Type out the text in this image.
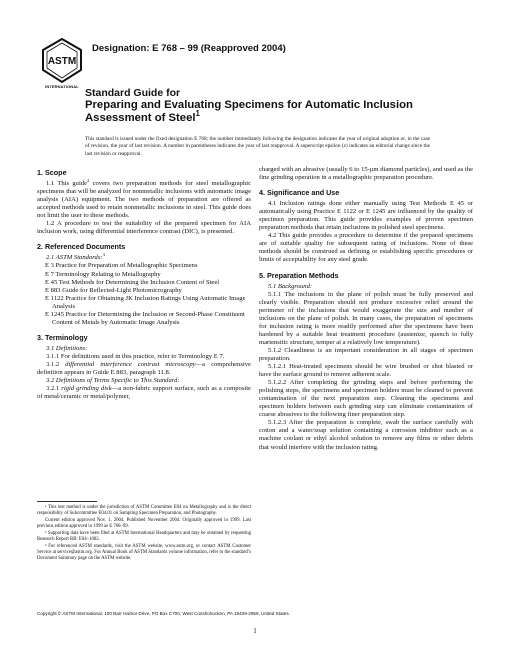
ASTM
INTERNATIONAL
Designation: E 768 – 99 (Reapproved 2004)
Standard Guide for
Preparing and Evaluating Specimens for Automatic Inclusion Assessment of Steel$^1$
This standard is issued under the fixed designation E 768; the number immediately following the designation indicates the year of original adoption or, in the case of revision, the year of last revision. A number in parentheses indicates the year of last reapproval. A superscript epsilon (ε) indicates an editorial change since the last revision or reapproval.
1. Scope

1.1 This guide$^2$ covers two preparation methods for steel metallographic specimens that will be analyzed for nonmetallic inclusions with automatic image analysis (AIA) equipment. The two methods of preparation are offered as accepted methods used to retain nonmetallic inclusions in steel. This guide does not limit the user to these methods.

1.2 A procedure to test the suitability of the prepared specimen for AIA inclusion work, using differential interference contrast (DIC), is presented.

2. Referenced Documents

2.1 ASTM Standards:$^3$

E 3 Practice for Preparation of Metallographic Specimens

E 7 Terminology Relating to Metallography

E 45 Test Methods for Determining the Inclusion Content of Steel

E 883 Guide for Reflected-Light Photomicrography

E 1122 Practice for Obtaining JK Inclusion Ratings Using Automatic Image Analysis

E 1245 Practice for Determining the Inclusion or Second-Phase Constituent Content of Metals by Automatic Image Analysis

3. Terminology

3.1 Definitions:

3.1.1 For definitions used in this practice, refer to Terminology E 7.

3.1.2 differential interference contrast microscopy—a comprehensive definition appears in Guide E 883, paragraph 11.8.

3.2 Definitions of Terms Specific to This Standard:

3.2.1 rigid grinding disk—a non-fabric support surface, such as a composite of metal/ceramic or metal/polymer,

charged with an abrasive (usually 6 to 15-μm diamond particles), and used as the fine grinding operation in a metallographic preparation procedure.

4. Significance and Use

4.1 Inclusion ratings done either manually using Test Methods E 45 or automatically using Practice E 1122 or E 1245 are influenced by the quality of specimen preparation. This guide provides examples of proven specimen preparation methods that retain inclusions in polished steel specimens.

4.2 This guide provides a procedure to determine if the prepared specimens are of suitable quality for subsequent rating of inclusions. None of these methods should be construed as defining or establishing specific procedures or limits of acceptability for any steel grade.

5. Preparation Methods

5.1 Background:

5.1.1 The inclusions in the plane of polish must be fully preserved and clearly visible. Preparation should not produce excessive relief around the perimeter of the inclusions that would exaggerate the size and number of inclusions on the plane of polish. In many cases, the preparation of specimens for inclusion rating is more readily performed after the specimens have been hardened by a suitable heat treatment procedure (austenize, quench to fully martensitic structure, temper at a relatively low temperature).

5.1.2 Cleanliness is an important consideration in all stages of specimen preparation.

5.1.2.1 Heat-treated specimens should be wire brushed or shot blasted or have the surface ground to remove adherent scale.

5.1.2.2 After completing the grinding steps and before performing the polishing steps, the specimens and specimen holders must be cleaned to prevent contamination of the next preparation step. Cleaning the specimens and specimen holders between each grinding step can eliminate contamination of coarse abrasives to the following finer preparation step.

5.1.2.3 After the preparation is complete, swab the surface carefully with cotton and a water/soap solution containing a corrosion inhibitor such as a machine coolant or ethyl alcohol solution to remove any films or other debris that would interfere with the inclusion rating.

¹ This test method is under the jurisdiction of ASTM Committee E04 on Metallography and is the direct responsibility of Subcommittee E04.01 on Sampling Specimen Preparation, and Photography.

Current edition approved Nov. 1, 2004. Published November 2004. Originally approved in 1999. Last previous edition approved in 1999 as E 768–99.

² Supporting data have been filed at ASTM International Headquarters and may be obtained by requesting Research Report RR: E04–1002.

³ For referenced ASTM standards, visit the ASTM website, www.astm.org, or contact ASTM Customer Service at service@astm.org. For Annual Book of ASTM Standards volume information, refer to the standard’s Document Summary page on the ASTM website.

Copyright © ASTM International, 100 Barr Harbor Drive, PO Box C700, West Conshohocken, PA 19428-2959, United States.
1
